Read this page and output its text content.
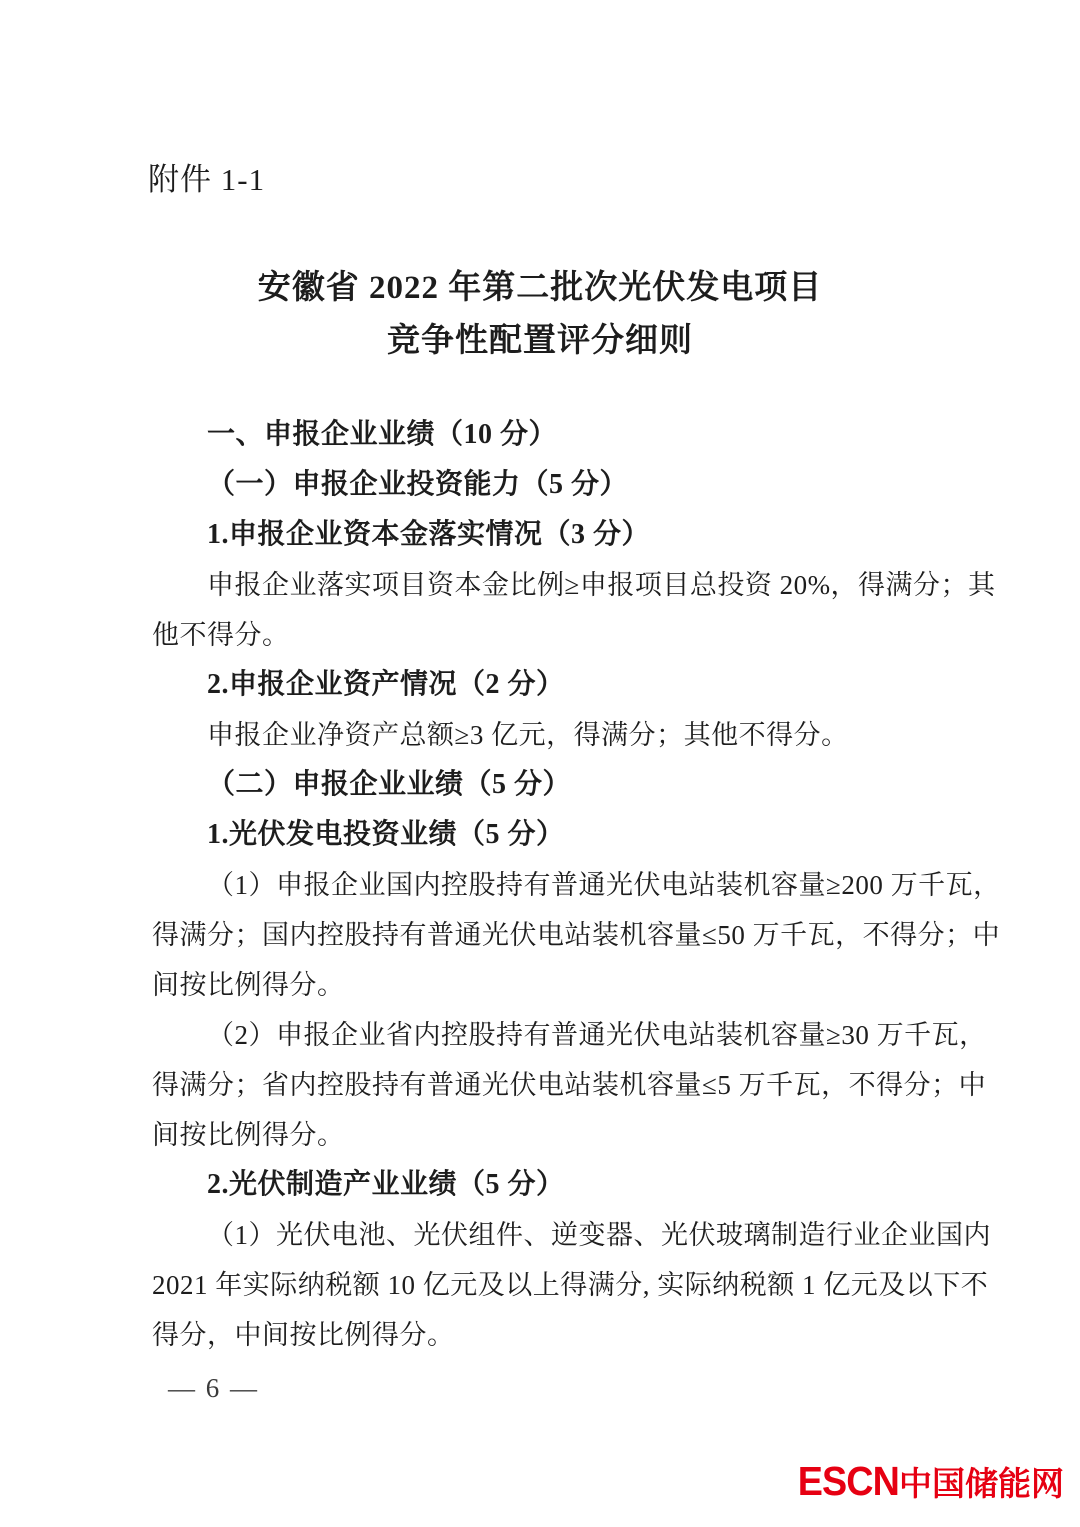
附件 1-1
安徽省 2022 年第二批次光伏发电项目
竞争性配置评分细则
一、申报企业业绩（10 分）
（一）申报企业投资能力（5 分）
1.申报企业资本金落实情况（3 分）
申报企业落实项目资本金比例≥申报项目总投资 20%，得满分；其
他不得分。
2.申报企业资产情况（2 分）
申报企业净资产总额≥3 亿元，得满分；其他不得分。
（二）申报企业业绩（5 分）
1.光伏发电投资业绩（5 分）
（1）申报企业国内控股持有普通光伏电站装机容量≥200 万千瓦，
得满分；国内控股持有普通光伏电站装机容量≤50 万千瓦，不得分；中
间按比例得分。
（2）申报企业省内控股持有普通光伏电站装机容量≥30 万千瓦，
得满分；省内控股持有普通光伏电站装机容量≤5 万千瓦，不得分；中
间按比例得分。
2.光伏制造产业业绩（5 分）
（1）光伏电池、光伏组件、逆变器、光伏玻璃制造行业企业国内
2021 年实际纳税额 10 亿元及以上得满分, 实际纳税额 1 亿元及以下不
得分，中间按比例得分。
— 6 —
ESCN 中国储能网
